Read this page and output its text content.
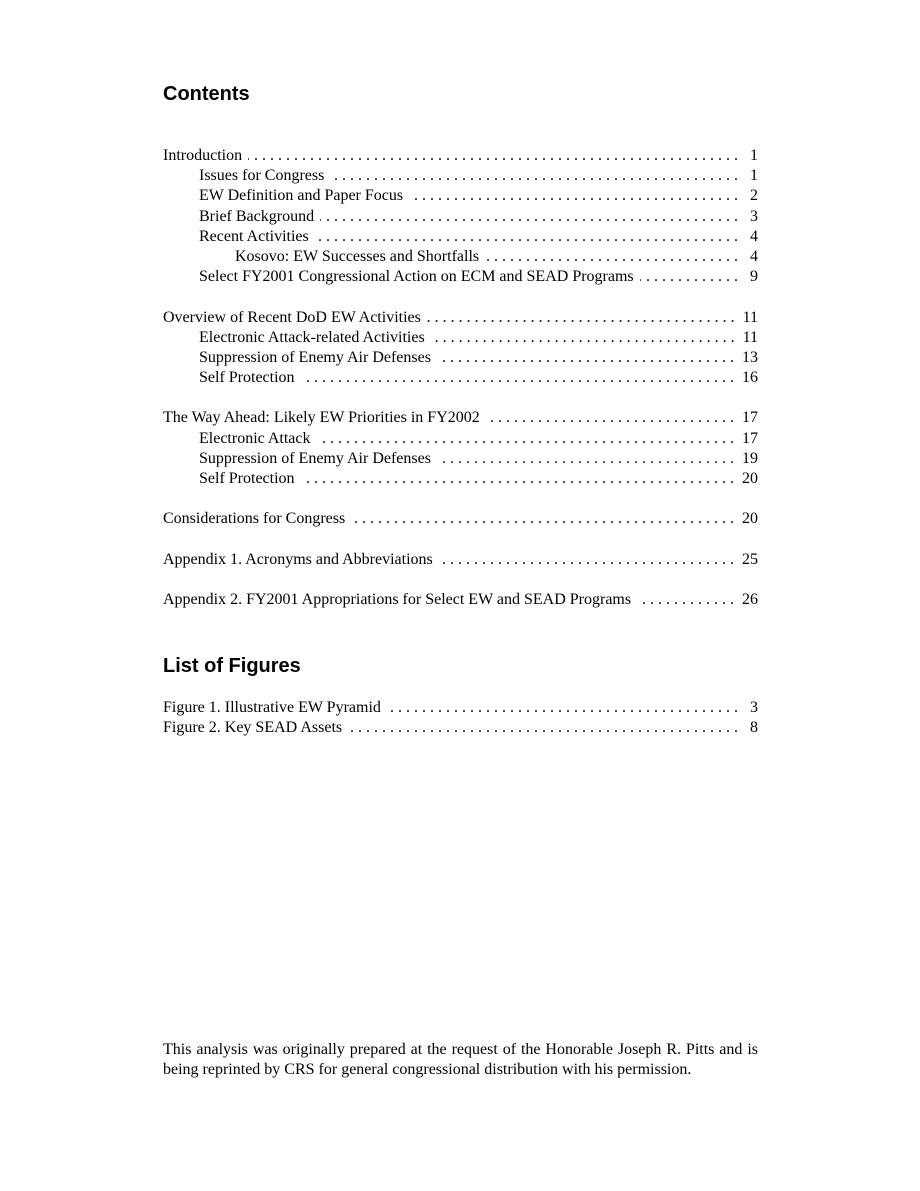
Contents
Introduction . . .	1
Issues for Congress . . .	1
EW Definition and Paper Focus . . .	2
Brief Background . . .	3
Recent Activities . . .	4
Kosovo: EW Successes and Shortfalls . . .	4
Select FY2001 Congressional Action on ECM and SEAD Programs . . .	9
Overview of Recent DoD EW Activities . . .	11
Electronic Attack-related Activities . . .	11
Suppression of Enemy Air Defenses . . .	13
Self Protection . . .	16
The Way Ahead: Likely EW Priorities in FY2002 . . .	17
Electronic Attack . . .	17
Suppression of Enemy Air Defenses . . .	19
Self Protection . . .	20
Considerations for Congress . . .	20
Appendix 1. Acronyms and Abbreviations . . .	25
Appendix 2. FY2001 Appropriations for Select EW and SEAD Programs . . .	26
List of Figures
Figure 1. Illustrative EW Pyramid . . .	3
Figure 2. Key SEAD Assets . . .	8

This analysis was originally prepared at the request of the Honorable Joseph R. Pitts and is being reprinted by CRS for general congressional distribution with his permission.
